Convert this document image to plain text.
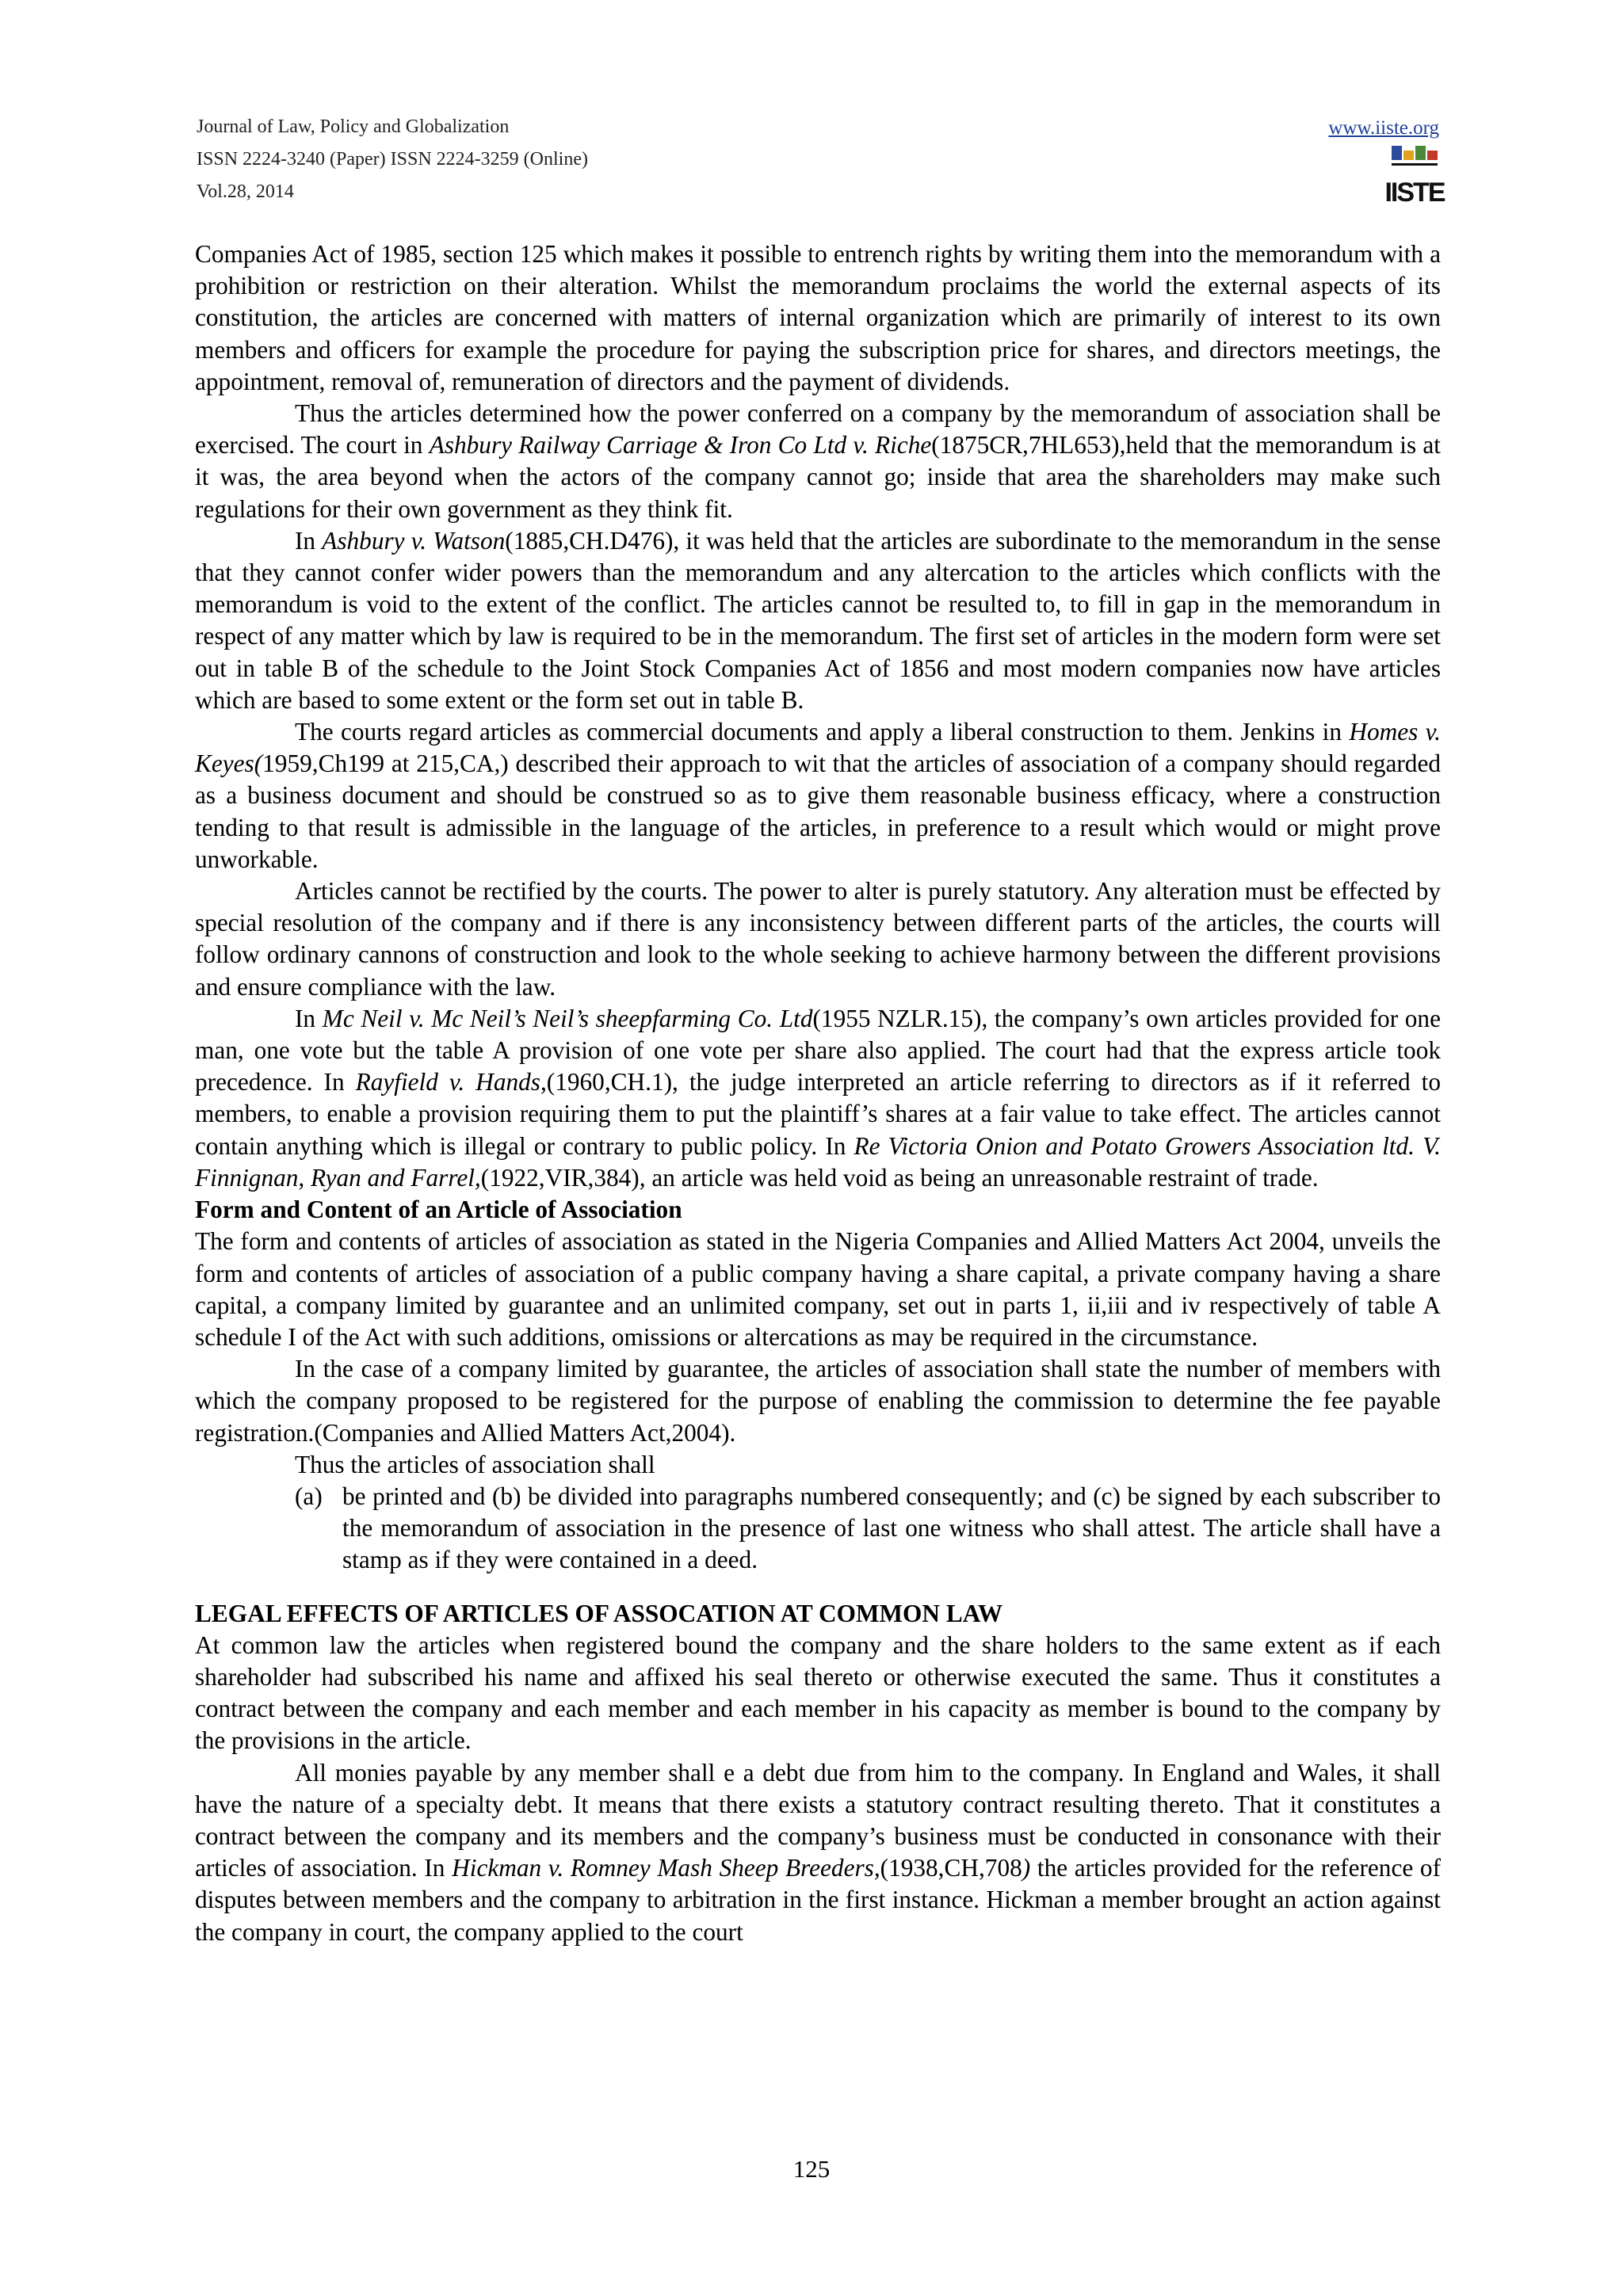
Journal of Law, Policy and Globalization
ISSN 2224-3240 (Paper) ISSN 2224-3259 (Online)
Vol.28, 2014
www.iiste.org
IISTE

Companies Act of 1985, section 125 which makes it possible to entrench rights by writing them into the memorandum with a prohibition or restriction on their alteration. Whilst the memorandum proclaims the world the external aspects of its constitution, the articles are concerned with matters of internal organization which are primarily of interest to its own members and officers for example the procedure for paying the subscription price for shares, and directors meetings, the appointment, removal of, remuneration of directors and the payment of dividends.

Thus the articles determined how the power conferred on a company by the memorandum of association shall be exercised. The court in Ashbury Railway Carriage & Iron Co Ltd v. Riche(1875CR,7HL653),held that the memorandum is at it was, the area beyond when the actors of the company cannot go; inside that area the shareholders may make such regulations for their own government as they think fit.

In Ashbury v. Watson(1885,CH.D476), it was held that the articles are subordinate to the memorandum in the sense that they cannot confer wider powers than the memorandum and any altercation to the articles which conflicts with the memorandum is void to the extent of the conflict. The articles cannot be resulted to, to fill in gap in the memorandum in respect of any matter which by law is required to be in the memorandum. The first set of articles in the modern form were set out in table B of the schedule to the Joint Stock Companies Act of 1856 and most modern companies now have articles which are based to some extent or the form set out in table B.

The courts regard articles as commercial documents and apply a liberal construction to them. Jenkins in Homes v. Keyes(1959,Ch199 at 215,CA,) described their approach to wit that the articles of association of a company should regarded as a business document and should be construed so as to give them reasonable business efficacy, where a construction tending to that result is admissible in the language of the articles, in preference to a result which would or might prove unworkable.

Articles cannot be rectified by the courts. The power to alter is purely statutory. Any alteration must be effected by special resolution of the company and if there is any inconsistency between different parts of the articles, the courts will follow ordinary cannons of construction and look to the whole seeking to achieve harmony between the different provisions and ensure compliance with the law.

In Mc Neil v. Mc Neil’s Neil’s sheepfarming Co. Ltd(1955 NZLR.15), the company’s own articles provided for one man, one vote but the table A provision of one vote per share also applied. The court had that the express article took precedence. In Rayfield v. Hands,(1960,CH.1), the judge interpreted an article referring to directors as if it referred to members, to enable a provision requiring them to put the plaintiff’s shares at a fair value to take effect. The articles cannot contain anything which is illegal or contrary to public policy. In Re Victoria Onion and Potato Growers Association ltd. V. Finnignan, Ryan and Farrel,(1922,VIR,384), an article was held void as being an unreasonable restraint of trade.

Form and Content of an Article of Association

The form and contents of articles of association as stated in the Nigeria Companies and Allied Matters Act 2004, unveils the form and contents of articles of association of a public company having a share capital, a private company having a share capital, a company limited by guarantee and an unlimited company, set out in parts 1, ii,iii and iv respectively of table A schedule I of the Act with such additions, omissions or altercations as may be required in the circumstance.

In the case of a company limited by guarantee, the articles of association shall state the number of members with which the company proposed to be registered for the purpose of enabling the commission to determine the fee payable registration.(Companies and Allied Matters Act,2004).

Thus the articles of association shall

(a) be printed and (b) be divided into paragraphs numbered consequently; and (c) be signed by each subscriber to the memorandum of association in the presence of last one witness who shall attest. The article shall have a stamp as if they were contained in a deed.

LEGAL EFFECTS OF ARTICLES OF ASSOCATION AT COMMON LAW

At common law the articles when registered bound the company and the share holders to the same extent as if each shareholder had subscribed his name and affixed his seal thereto or otherwise executed the same. Thus it constitutes a contract between the company and each member and each member in his capacity as member is bound to the company by the provisions in the article.

All monies payable by any member shall e a debt due from him to the company. In England and Wales, it shall have the nature of a specialty debt. It means that there exists a statutory contract resulting thereto. That it constitutes a contract between the company and its members and the company’s business must be conducted in consonance with their articles of association. In Hickman v. Romney Mash Sheep Breeders,(1938,CH,708) the articles provided for the reference of disputes between members and the company to arbitration in the first instance. Hickman a member brought an action against the company in court, the company applied to the court

125
